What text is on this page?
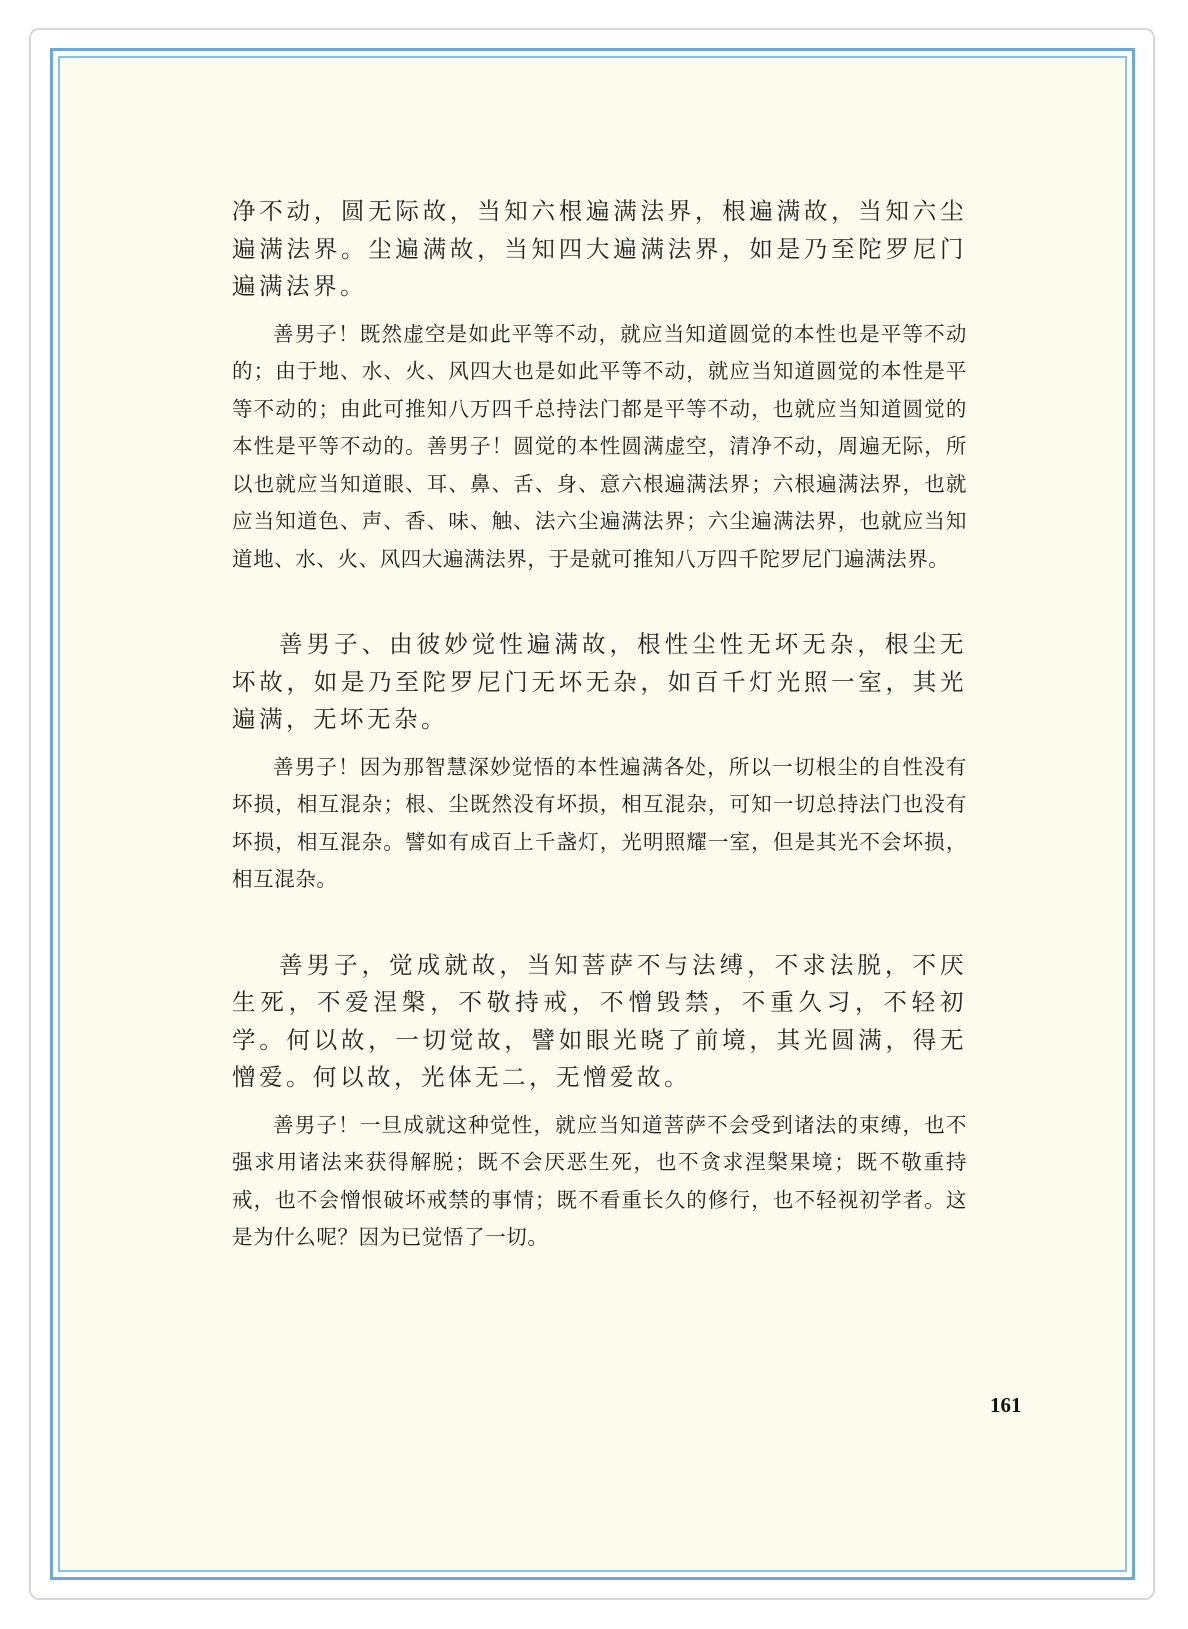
净不动，圆无际故，当知六根遍满法界，根遍满故，当知六尘遍满法界。尘遍满故，当知四大遍满法界，如是乃至陀罗尼门遍满法界。

善男子！既然虚空是如此平等不动，就应当知道圆觉的本性也是平等不动的；由于地、水、火、风四大也是如此平等不动，就应当知道圆觉的本性是平等不动的；由此可推知八万四千总持法门都是平等不动，也就应当知道圆觉的本性是平等不动的。善男子！圆觉的本性圆满虚空，清净不动，周遍无际，所以也就应当知道眼、耳、鼻、舌、身、意六根遍满法界；六根遍满法界，也就应当知道色、声、香、味、触、法六尘遍满法界；六尘遍满法界，也就应当知道地、水、火、风四大遍满法界，于是就可推知八万四千陀罗尼门遍满法界。

善男子、由彼妙觉性遍满故，根性尘性无坏无杂，根尘无坏故，如是乃至陀罗尼门无坏无杂，如百千灯光照一室，其光遍满，无坏无杂。

善男子！因为那智慧深妙觉悟的本性遍满各处，所以一切根尘的自性没有坏损，相互混杂；根、尘既然没有坏损，相互混杂，可知一切总持法门也没有坏损，相互混杂。譬如有成百上千盏灯，光明照耀一室，但是其光不会坏损，相互混杂。

善男子，觉成就故，当知菩萨不与法缚，不求法脱，不厌生死，不爱涅槃，不敬持戒，不憎毁禁，不重久习，不轻初学。何以故，一切觉故，譬如眼光晓了前境，其光圆满，得无憎爱。何以故，光体无二，无憎爱故。

善男子！一旦成就这种觉性，就应当知道菩萨不会受到诸法的束缚，也不强求用诸法来获得解脱；既不会厌恶生死，也不贪求涅槃果境；既不敬重持戒，也不会憎恨破坏戒禁的事情；既不看重长久的修行，也不轻视初学者。这是为什么呢？因为已觉悟了一切。

161
